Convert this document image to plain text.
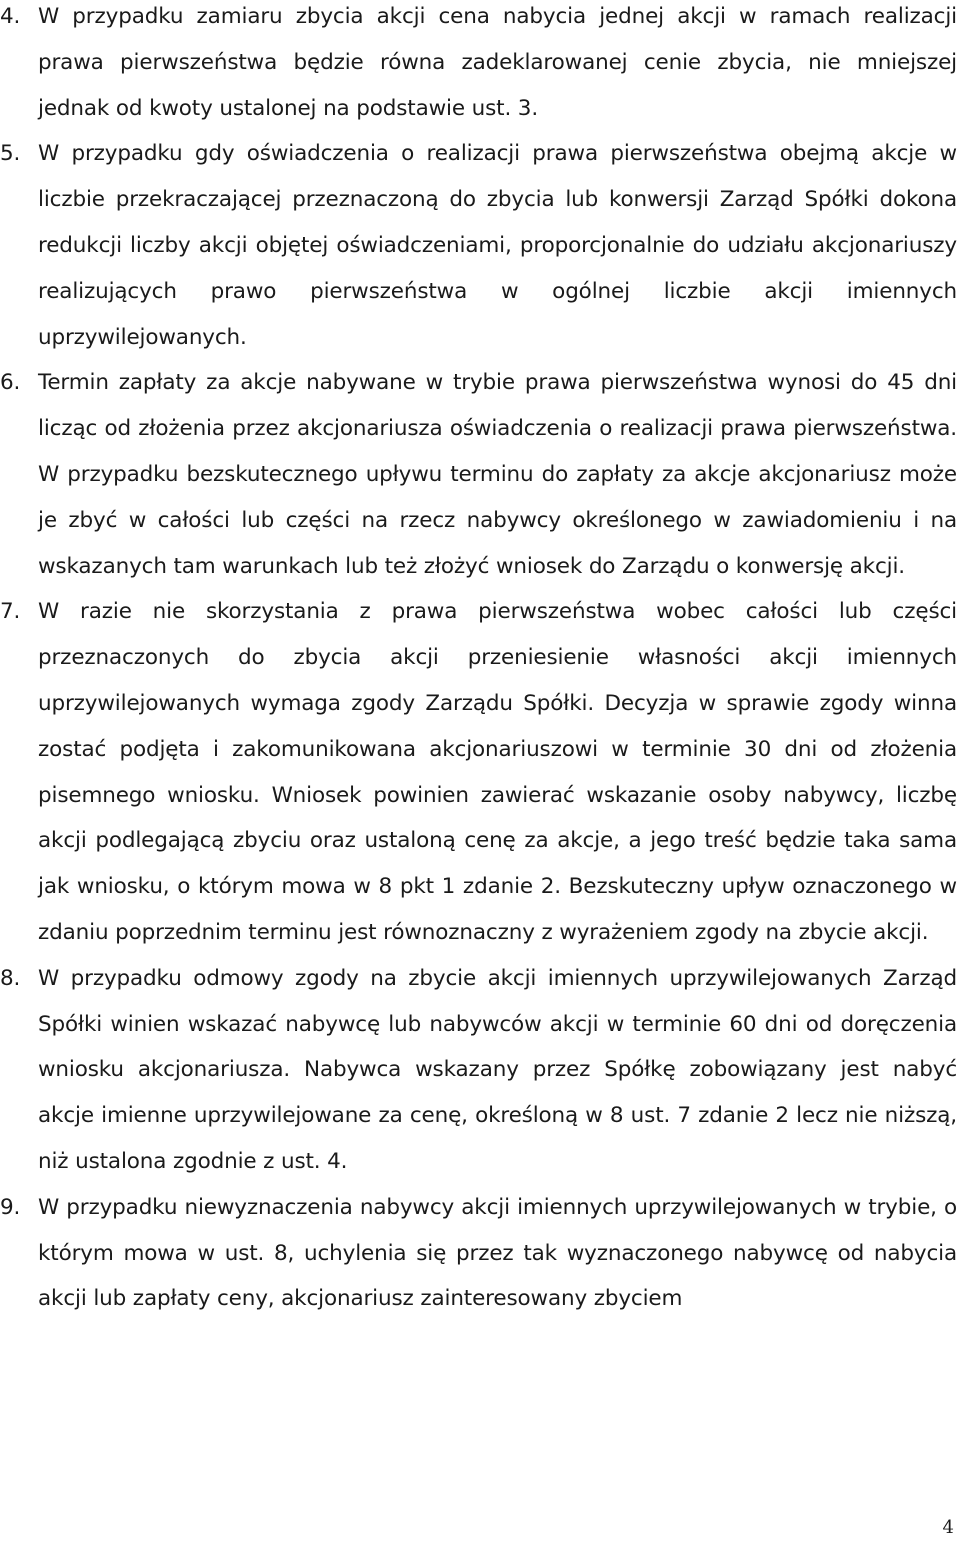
4. W przypadku zamiaru zbycia akcji cena nabycia jednej akcji w ramach realizacji prawa pierwszeństwa będzie równa zadeklarowanej cenie zbycia, nie mniejszej jednak od kwoty ustalonej na podstawie ust. 3.
5. W przypadku gdy oświadczenia o realizacji prawa pierwszeństwa obejmą akcje w liczbie przekraczającej przeznaczoną do zbycia lub konwersji Zarząd Spółki dokona redukcji liczby akcji objętej oświadczeniami, proporcjonalnie do udziału akcjonariuszy realizujących prawo pierwszeństwa w ogólnej liczbie akcji imiennych uprzywilejowanych.
6. Termin zapłaty za akcje nabywane w trybie prawa pierwszeństwa wynosi do 45 dni licząc od złożenia przez akcjonariusza oświadczenia o realizacji prawa pierwszeństwa. W przypadku bezskutecznego upływu terminu do zapłaty za akcje akcjonariusz może je zbyć w całości lub części na rzecz nabywcy określonego w zawiadomieniu i na wskazanych tam warunkach lub też złożyć wniosek do Zarządu o konwersję akcji.
7. W razie nie skorzystania z prawa pierwszeństwa wobec całości lub części przeznaczonych do zbycia akcji przeniesienie własności akcji imiennych uprzywilejowanych wymaga zgody Zarządu Spółki. Decyzja w sprawie zgody winna zostać podjęta i zakomunikowana akcjonariuszowi w terminie 30 dni od złożenia pisemnego wniosku. Wniosek powinien zawierać wskazanie osoby nabywcy, liczbę akcji podlegającą zbyciu oraz ustaloną cenę za akcje, a jego treść będzie taka sama jak wniosku, o którym mowa w 8 pkt 1 zdanie 2. Bezskuteczny upływ oznaczonego w zdaniu poprzednim terminu jest równoznaczny z wyrażeniem zgody na zbycie akcji.
8. W przypadku odmowy zgody na zbycie akcji imiennych uprzywilejowanych Zarząd Spółki winien wskazać nabywcę lub nabywców akcji w terminie 60 dni od doręczenia wniosku akcjonariusza. Nabywca wskazany przez Spółkę zobowiązany jest nabyć akcje imienne uprzywilejowane za cenę, określoną w 8 ust. 7 zdanie 2 lecz nie niższą, niż ustalona zgodnie z ust. 4.
9. W przypadku niewyznaczenia nabywcy akcji imiennych uprzywilejowanych w trybie, o którym mowa w ust. 8, uchylenia się przez tak wyznaczonego nabywcę od nabycia akcji lub zapłaty ceny, akcjonariusz zainteresowany zbyciem
4
